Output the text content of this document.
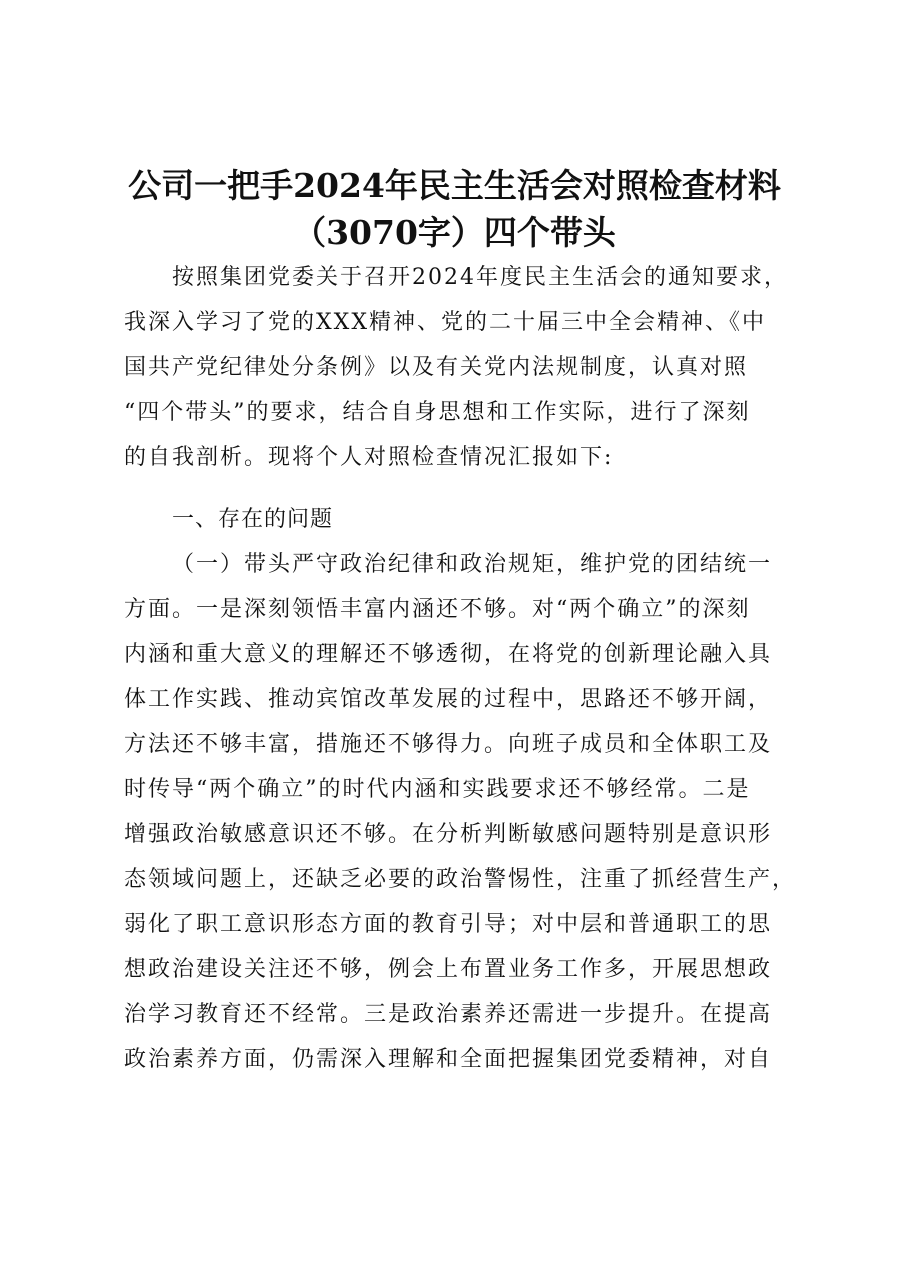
公司一把手2024年民主生活会对照检查材料
（3070字）四个带头
按照集团党委关于召开2024年度民主生活会的通知要求，
我深入学习了党的XXX精神、党的二十届三中全会精神、《中
国共产党纪律处分条例》以及有关党内法规制度，认真对照
“四个带头”的要求，结合自身思想和工作实际，进行了深刻
的自我剖析。现将个人对照检查情况汇报如下:
一、存在的问题
（一）带头严守政治纪律和政治规矩，维护党的团结统一
方面。一是深刻领悟丰富内涵还不够。对“两个确立”的深刻
内涵和重大意义的理解还不够透彻，在将党的创新理论融入具
体工作实践、推动宾馆改革发展的过程中，思路还不够开阔，
方法还不够丰富，措施还不够得力。向班子成员和全体职工及
时传导“两个确立”的时代内涵和实践要求还不够经常。二是
增强政治敏感意识还不够。在分析判断敏感问题特别是意识形
态领域问题上，还缺乏必要的政治警惕性，注重了抓经营生产，
弱化了职工意识形态方面的教育引导；对中层和普通职工的思
想政治建设关注还不够，例会上布置业务工作多，开展思想政
治学习教育还不经常。三是政治素养还需进一步提升。在提高
政治素养方面，仍需深入理解和全面把握集团党委精神，对自
